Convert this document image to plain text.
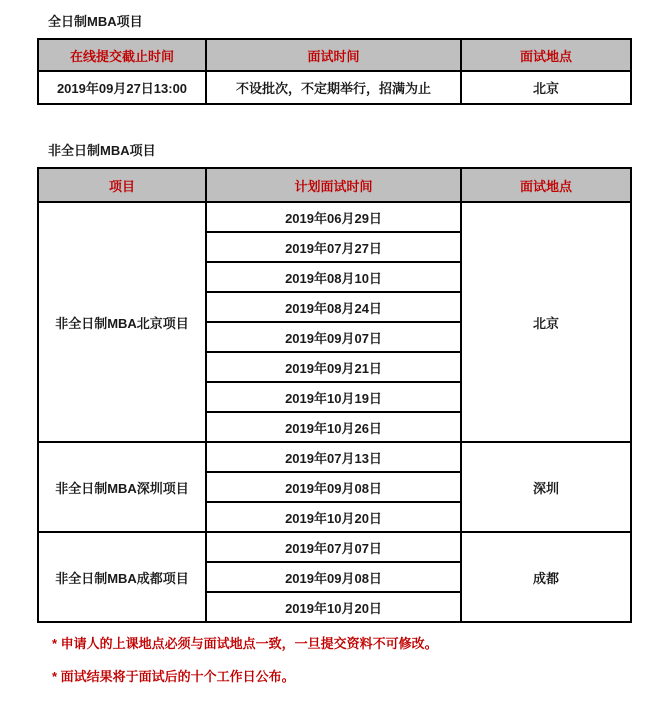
全日制MBA项目
在线提交截止时间	面试时间	面试地点
2019年09月27日13:00	不设批次，不定期举行，招满为止	北京
非全日制MBA项目
项目	计划面试时间	面试地点
非全日制MBA北京项目	2019年06月29日	北京
	2019年07月27日	
	2019年08月10日	
	2019年08月24日	
	2019年09月07日	
	2019年09月21日	
	2019年10月19日	
	2019年10月26日	
非全日制MBA深圳项目	2019年07月13日	深圳
	2019年09月08日	
	2019年10月20日	
非全日制MBA成都项目	2019年07月07日	成都
	2019年09月08日	
	2019年10月20日	
* 申请人的上课地点必须与面试地点一致，一旦提交资料不可修改。
* 面试结果将于面试后的十个工作日公布。
